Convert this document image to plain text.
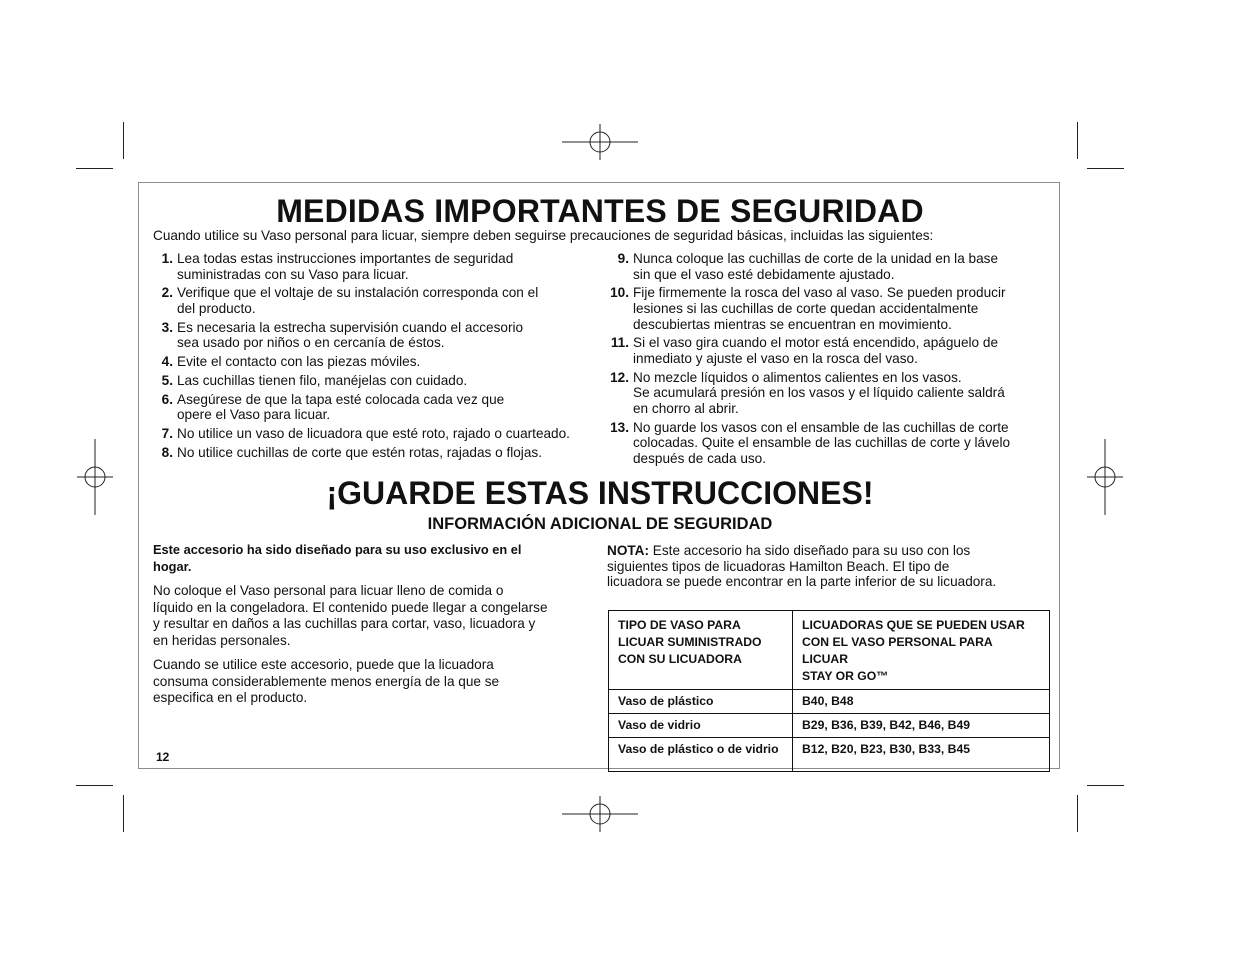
MEDIDAS IMPORTANTES DE SEGURIDAD

Cuando utilice su Vaso personal para licuar, siempre deben seguirse precauciones de seguridad básicas, incluidas las siguientes:

1. Lea todas estas instrucciones importantes de seguridad
suministradas con su Vaso para licuar.
2. Verifique que el voltaje de su instalación corresponda con el
del producto.
3. Es necesaria la estrecha supervisión cuando el accesorio
sea usado por niños o en cercanía de éstos.
4. Evite el contacto con las piezas móviles.
5. Las cuchillas tienen filo, manéjelas con cuidado.
6. Asegúrese de que la tapa esté colocada cada vez que
opere el Vaso para licuar.
7. No utilice un vaso de licuadora que esté roto, rajado o cuarteado.
8. No utilice cuchillas de corte que estén rotas, rajadas o flojas.
9. Nunca coloque las cuchillas de corte de la unidad en la base
sin que el vaso esté debidamente ajustado.
10. Fije firmemente la rosca del vaso al vaso. Se pueden producir
lesiones si las cuchillas de corte quedan accidentalmente
descubiertas mientras se encuentran en movimiento.
11. Si el vaso gira cuando el motor está encendido, apáguelo de
inmediato y ajuste el vaso en la rosca del vaso.
12. No mezcle líquidos o alimentos calientes en los vasos.
Se acumulará presión en los vasos y el líquido caliente saldrá
en chorro al abrir.
13. No guarde los vasos con el ensamble de las cuchillas de corte
colocadas. Quite el ensamble de las cuchillas de corte y lávelo
después de cada uso.
¡GUARDE ESTAS INSTRUCCIONES!
INFORMACIÓN ADICIONAL DE SEGURIDAD

Este accesorio ha sido diseñado para su uso exclusivo en el
hogar.

No coloque el Vaso personal para licuar lleno de comida o
líquido en la congeladora. El contenido puede llegar a congelarse
y resultar en daños a las cuchillas para cortar, vaso, licuadora y
en heridas personales.

Cuando se utilice este accesorio, puede que la licuadora
consuma considerablemente menos energía de la que se
especifica en el producto.

NOTA: Este accesorio ha sido diseñado para su uso con los
siguientes tipos de licuadoras Hamilton Beach. El tipo de
licuadora se puede encontrar en la parte inferior de su licuadora.

TIPO DE VASO PARA
LICUAR SUMINISTRADO
CON SU LICUADORA	LICUADORAS QUE SE PUEDEN USAR
CON EL VASO PERSONAL PARA LICUAR
STAY OR GO™
Vaso de plástico	B40, B48
Vaso de vidrio	B29, B36, B39, B42, B46, B49
Vaso de plástico o de vidrio	B12, B20, B23, B30, B33, B45

12
